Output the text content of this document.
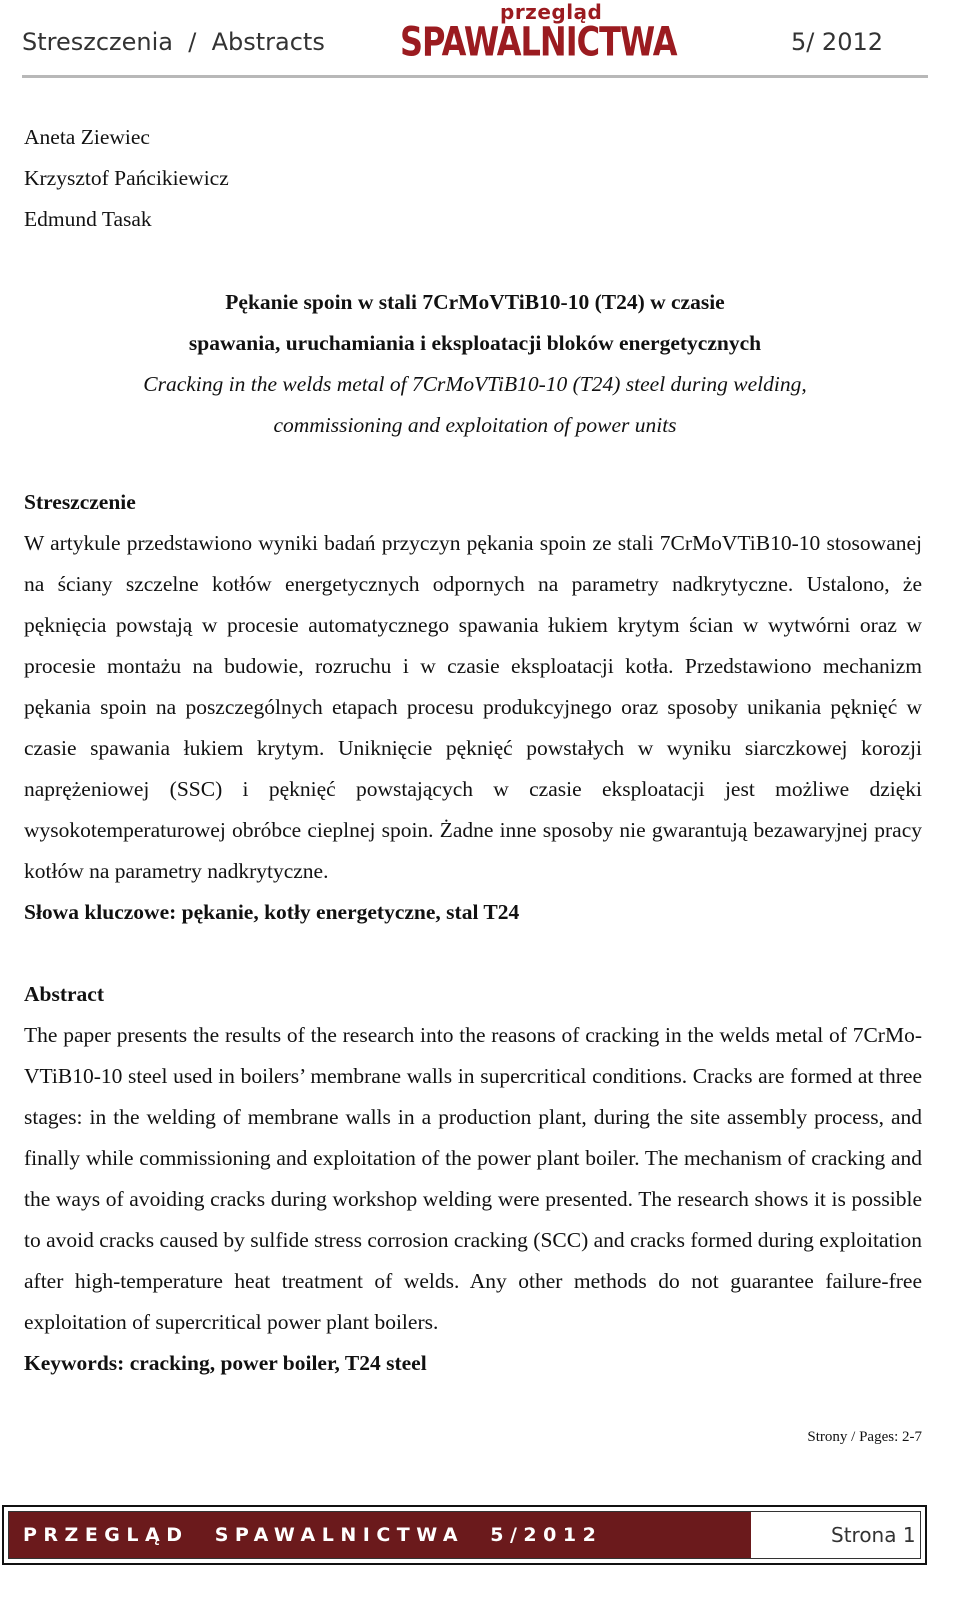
Streszczenia  /  Abstracts
przegląd
SPAWALNICTWA	5/ 2012
Aneta Ziewiec
Krzysztof Pańcikiewicz
Edmund Tasak
Pękanie spoin w stali 7CrMoVTiB10-10 (T24) w czasie
spawania, uruchamiania i eksploatacji bloków energetycznych
Cracking in the welds metal of 7CrMoVTiB10-10 (T24) steel during welding,
commissioning and exploitation of power units
Streszczenie

W artykule przedstawiono wyniki badań przyczyn pękania spoin ze stali 7CrMoVTiB10-10 stosowanej na ściany szczelne kotłów energetycznych odpornych na parametry nadkrytyczne. Ustalono, że pęknięcia powstają w procesie automatycznego spawania łukiem krytym ścian w wytwórni oraz w procesie montażu na budowie, rozruchu i w czasie eksploatacji kotła. Przedstawiono mechanizm pękania spoin na poszczególnych etapach procesu produkcyjnego oraz sposoby unikania pęknięć w czasie spawania łukiem krytym. Uniknięcie pęknięć powstałych w wyniku siarczkowej korozji naprężeniowej (SSC) i pęknięć powstających w czasie eksploatacji jest możliwe dzięki wysokotemperaturowej obróbce cieplnej spoin. Żadne inne sposoby nie gwarantują bezawaryjnej pracy kotłów na parametry nadkrytyczne.

Słowa kluczowe: pękanie, kotły energetyczne, stal T24
Abstract

The paper presents the results of the research into the reasons of cracking in the welds metal of 7CrMo- VTiB10-10 steel used in boilers’ membrane walls in supercritical conditions. Cracks are formed at three stages: in the welding of membrane walls in a production plant, during the site assembly process, and finally while commissioning and exploitation of the power plant boiler. The mechanism of cracking and the ways of avoiding cracks during workshop welding were presented. The research shows it is possible to avoid cracks caused by sulfide stress corrosion cracking (SCC) and cracks formed during exploitation after high-temperature heat treatment of welds. Any other methods do not guarantee failure-free exploitation of supercritical power plant boilers.

Keywords: cracking, power boiler, T24 steel
Strony / Pages: 2-7
PRZEGLĄD  SPAWALNICTWA  5/2012	Strona 1
